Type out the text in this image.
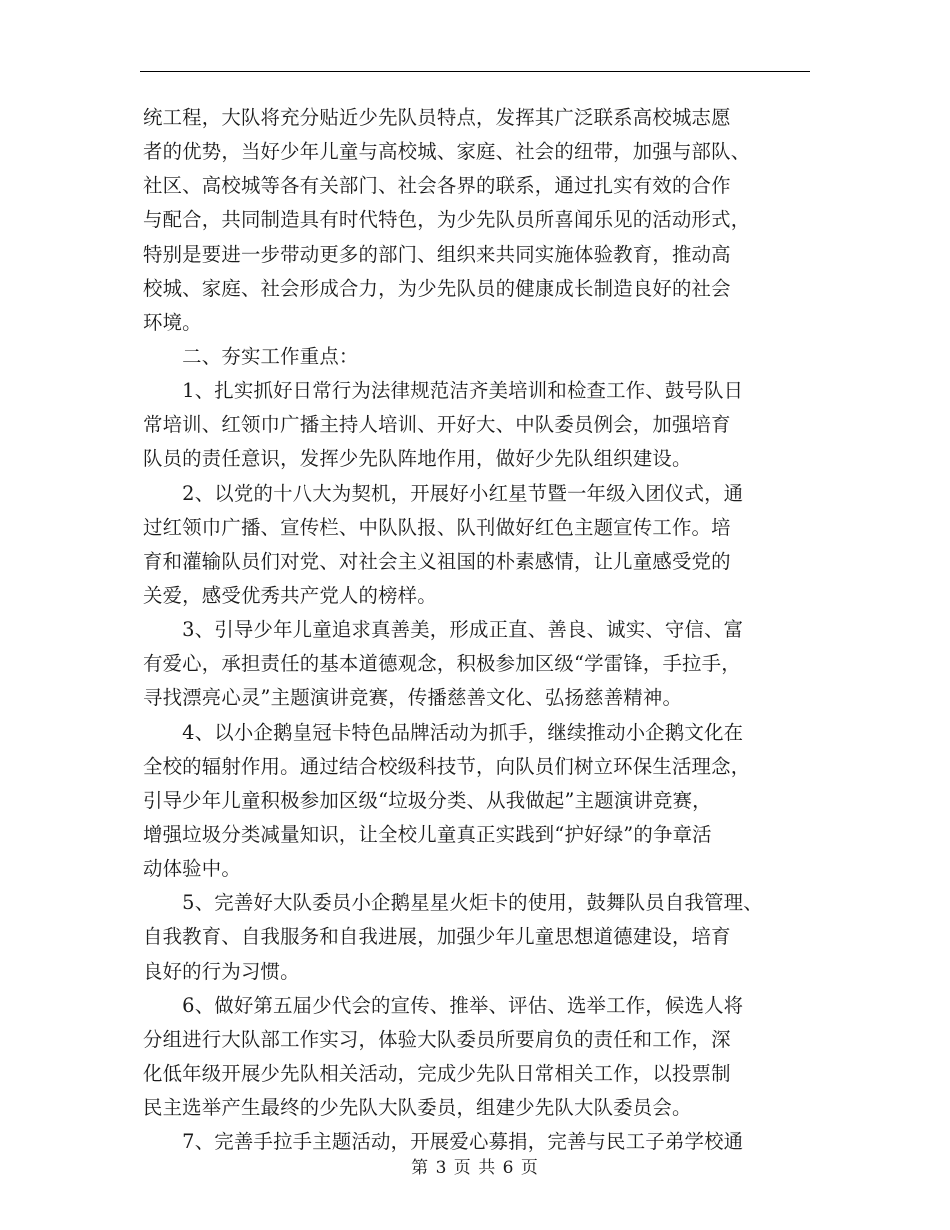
统工程，大队将充分贴近少先队员特点，发挥其广泛联系高校城志愿
者的优势，当好少年儿童与高校城、家庭、社会的纽带，加强与部队、
社区、高校城等各有关部门、社会各界的联系，通过扎实有效的合作
与配合，共同制造具有时代特色，为少先队员所喜闻乐见的活动形式，
特别是要进一步带动更多的部门、组织来共同实施体验教育，推动高
校城、家庭、社会形成合力，为少先队员的健康成长制造良好的社会
环境。
　　二、夯实工作重点：
　　1、扎实抓好日常行为法律规范洁齐美培训和检查工作、鼓号队日
常培训、红领巾广播主持人培训、开好大、中队委员例会，加强培育
队员的责任意识，发挥少先队阵地作用，做好少先队组织建设。
　　2、以党的十八大为契机，开展好小红星节暨一年级入团仪式，通
过红领巾广播、宣传栏、中队队报、队刊做好红色主题宣传工作。培
育和灌输队员们对党、对社会主义祖国的朴素感情，让儿童感受党的
关爱，感受优秀共产党人的榜样。
　　3、引导少年儿童追求真善美，形成正直、善良、诚实、守信、富
有爱心，承担责任的基本道德观念，积极参加区级“学雷锋，手拉手，
寻找漂亮心灵”主题演讲竞赛，传播慈善文化、弘扬慈善精神。
　　4、以小企鹅皇冠卡特色品牌活动为抓手，继续推动小企鹅文化在
全校的辐射作用。通过结合校级科技节，向队员们树立环保生活理念，
引导少年儿童积极参加区级“垃圾分类、从我做起”主题演讲竞赛，
增强垃圾分类减量知识，让全校儿童真正实践到“护好绿”的争章活
动体验中。
　　5、完善好大队委员小企鹅星星火炬卡的使用，鼓舞队员自我管理、
自我教育、自我服务和自我进展，加强少年儿童思想道德建设，培育
良好的行为习惯。
　　6、做好第五届少代会的宣传、推举、评估、选举工作，候选人将
分组进行大队部工作实习，体验大队委员所要肩负的责任和工作，深
化低年级开展少先队相关活动，完成少先队日常相关工作，以投票制
民主选举产生最终的少先队大队委员，组建少先队大队委员会。
　　7、完善手拉手主题活动，开展爱心募捐，完善与民工子弟学校通
第 3 页 共 6 页
